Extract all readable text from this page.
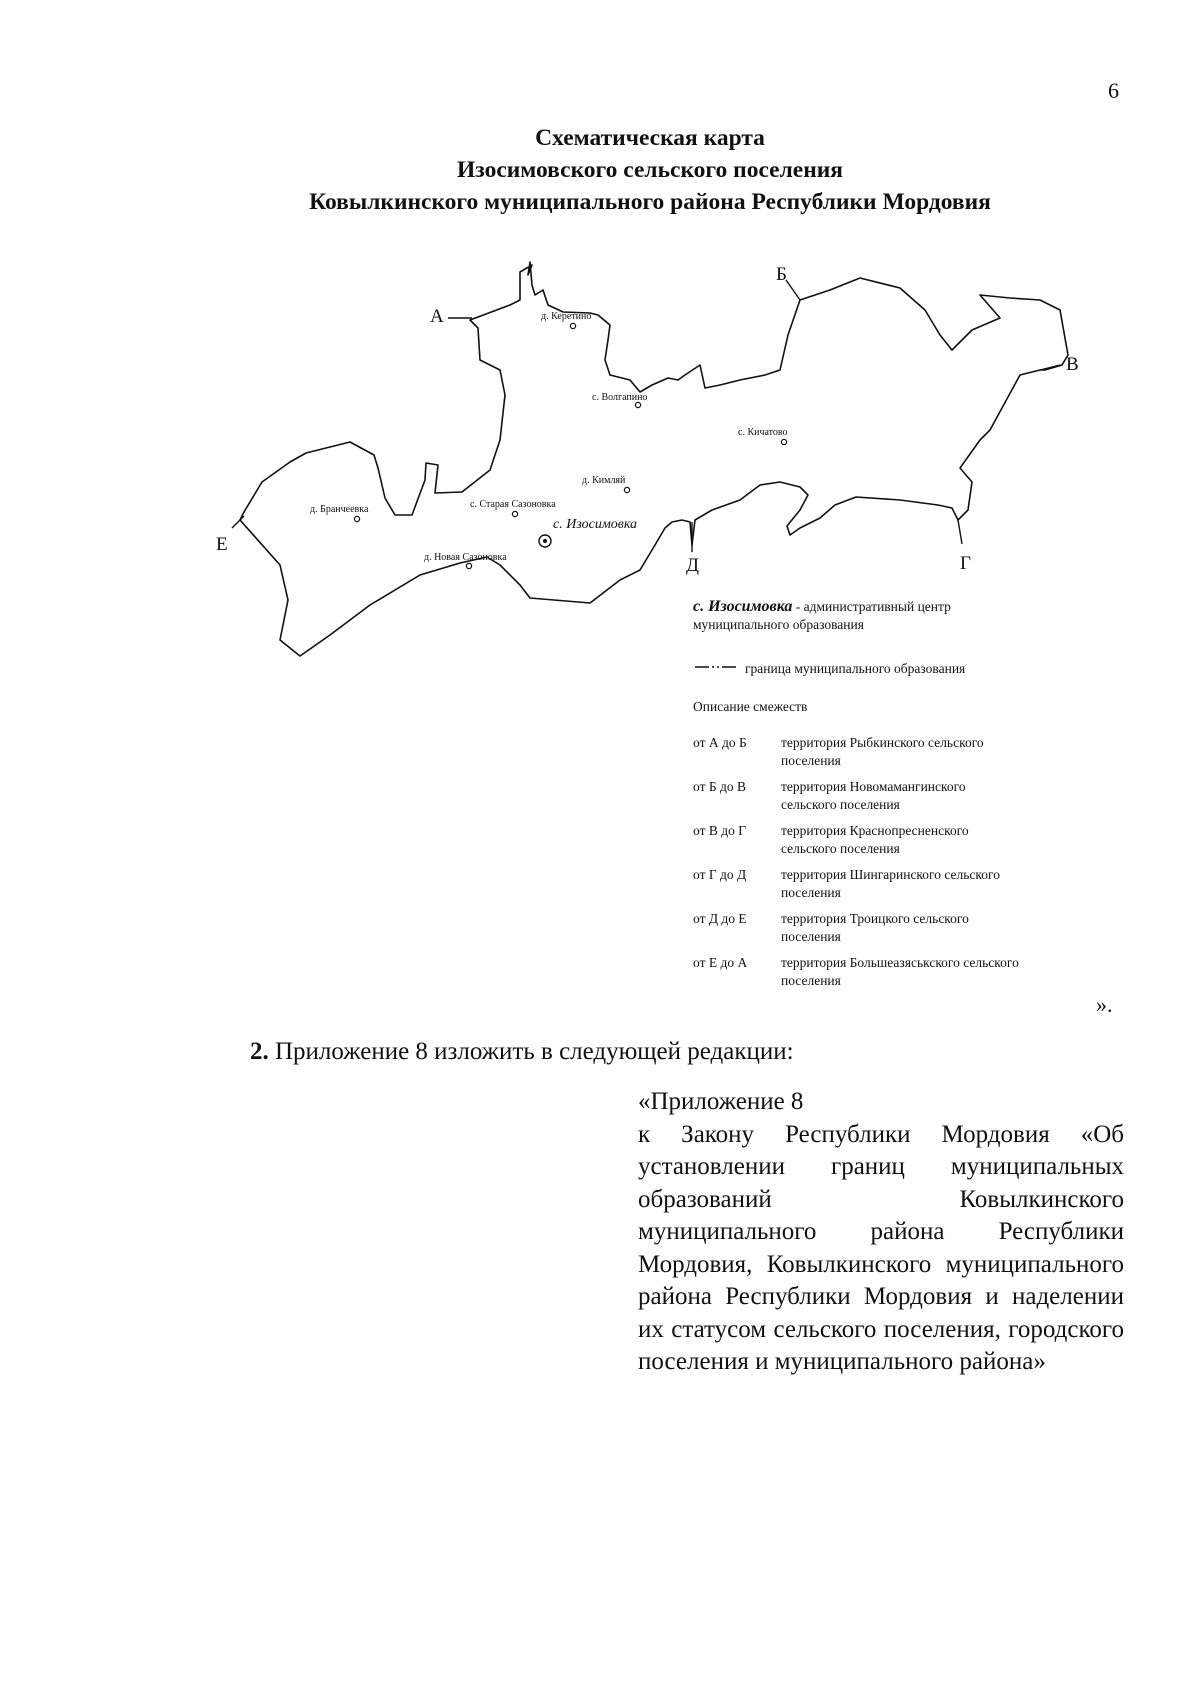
6
Схематическая карта
Изосимовского сельского поселения
Ковылкинского муниципального района Республики Мордовия
А
Б
В
Г
Д
Е
д. Керетино
с. Волгапино
с. Кичатово
д. Кимляй
д. Бранчеевка	с. Старая Сазоновка
д. Новая Сазоновка
с. Изосимовка
с. Изосимовка - административный центр муниципального образования
граница муниципального образования
Описание смежеств
от А до Б	территория Рыбкинского сельского поселения
от Б до В	территория Новомамангинского сельского поселения
от В до Г	территория Краснопресненского сельского поселения
от Г до Д	территория Шингаринского сельского поселения
от Д до Е	территория Троицкого сельского поселения
от Е до А	территория Большеазяськского сельского поселения
».
2. Приложение 8 изложить в следующей редакции:
«Приложение 8
к Закону Республики Мордовия «Об установлении границ муниципальных образований Ковылкинского муниципального района Республики Мордовия, Ковылкинского муниципального района Республики Мордовия и наделении их статусом сельского поселения, городского поселения и муниципального района»
